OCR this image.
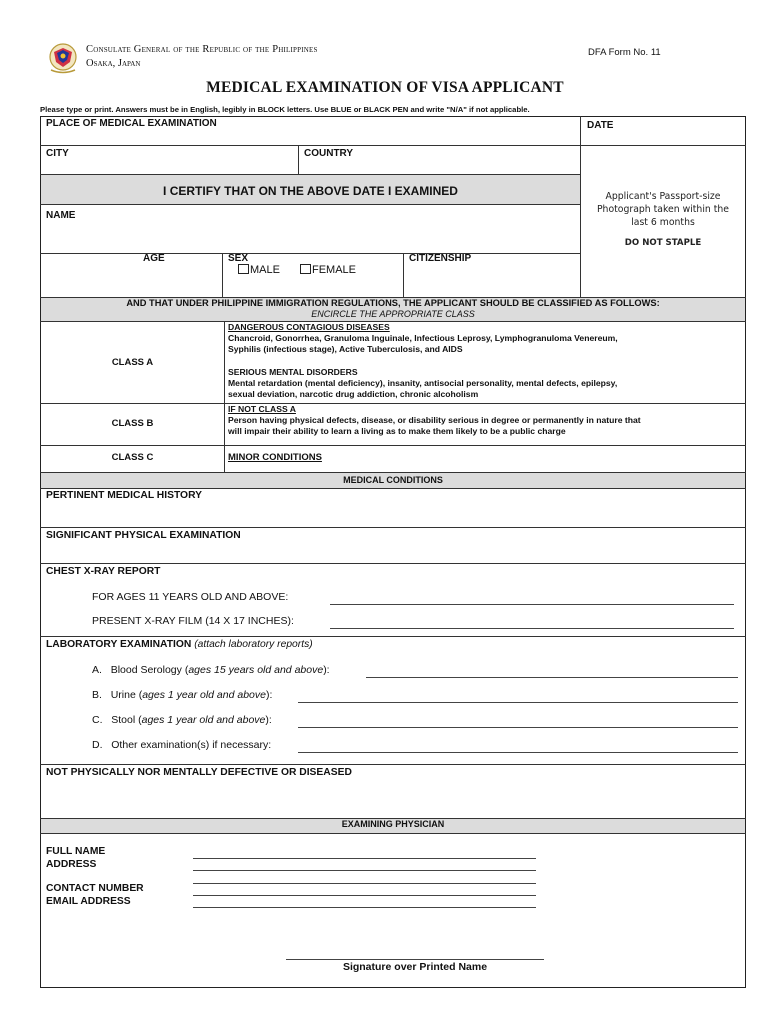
Consulate General of the Republic of the Philippines
Osaka, Japan
DFA Form No. 11
MEDICAL EXAMINATION OF VISA APPLICANT
Please type or print. Answers must be in English, legibly in BLOCK letters. Use BLUE or BLACK PEN and write "N/A" if not applicable.
PLACE OF MEDICAL EXAMINATION	DATE
CITY	COUNTRY
I CERTIFY THAT ON THE ABOVE DATE I EXAMINED
NAME
AGE	SEX
MALE	FEMALE
CITIZENSHIP
Applicant's Passport-size
Photograph taken within the
last 6 months
DO NOT STAPLE
AND THAT UNDER PHILIPPINE IMMIGRATION REGULATIONS, THE APPLICANT SHOULD BE CLASSIFIED AS FOLLOWS:
ENCIRCLE THE APPROPRIATE CLASS
CLASS A
DANGEROUS CONTAGIOUS DISEASES
Chancroid, Gonorrhea, Granuloma Inguinale, Infectious Leprosy, Lymphogranuloma Venereum,
Syphilis (infectious stage), Active Tuberculosis, and AIDS
SERIOUS MENTAL DISORDERS
Mental retardation (mental deficiency), insanity, antisocial personality, mental defects, epilepsy,
sexual deviation, narcotic drug addiction, chronic alcoholism
CLASS B
IF NOT CLASS A
Person having physical defects, disease, or disability serious in degree or permanently in nature that
will impair their ability to learn a living as to make them likely to be a public charge
CLASS C	MINOR CONDITIONS
MEDICAL CONDITIONS
PERTINENT MEDICAL HISTORY
SIGNIFICANT PHYSICAL EXAMINATION
CHEST X-RAY REPORT
FOR AGES 11 YEARS OLD AND ABOVE:
PRESENT X-RAY FILM (14 X 17 INCHES):
LABORATORY EXAMINATION (attach laboratory reports)
A. Blood Serology (ages 15 years old and above):
B. Urine (ages 1 year old and above):
C. Stool (ages 1 year old and above):
D. Other examination(s) if necessary:
NOT PHYSICALLY NOR MENTALLY DEFECTIVE OR DISEASED
EXAMINING PHYSICIAN
FULL NAME
ADDRESS
CONTACT NUMBER
EMAIL ADDRESS
Signature over Printed Name
